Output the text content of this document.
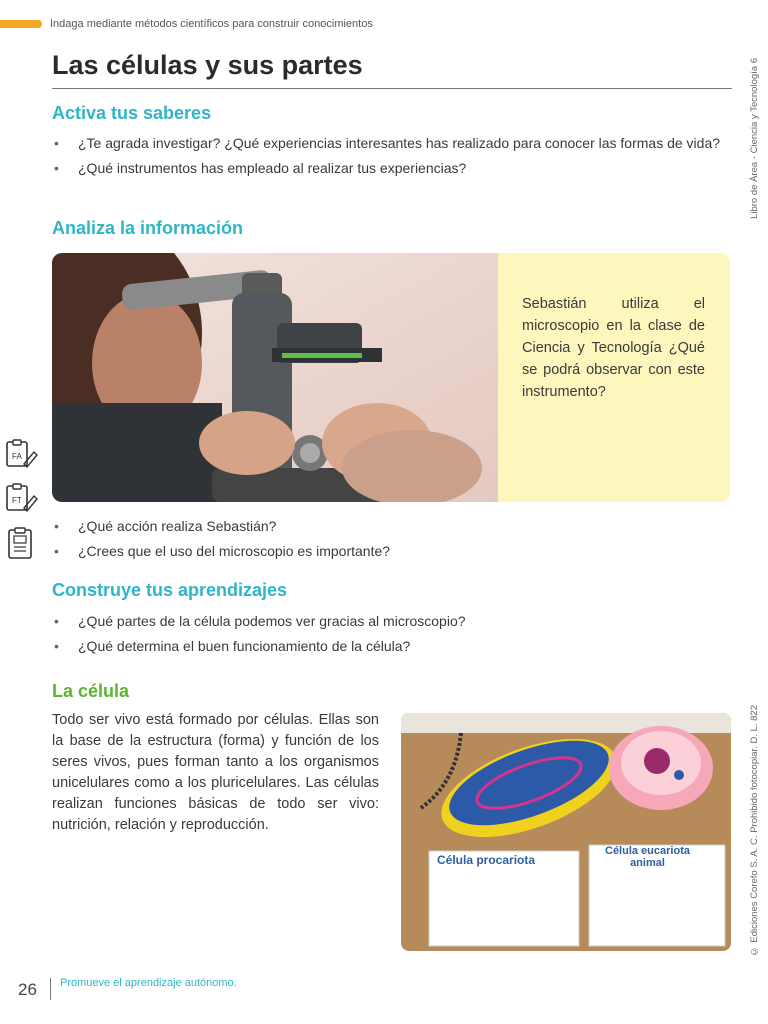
Indaga mediante métodos científicos para construir conocimientos
Las células y sus partes
Activa tus saberes
• ¿Te agrada investigar? ¿Qué experiencias interesantes has realizado para conocer las formas de vida?
• ¿Qué instrumentos has empleado al realizar tus experiencias?
Analiza la información
Sebastián utiliza el microscopio en la clase de Ciencia y Tecnología ¿Qué se podrá observar con este instrumento?
• ¿Qué acción realiza Sebastián?
• ¿Crees que el uso del microscopio es importante?
Construye tus aprendizajes
• ¿Qué partes de la célula podemos ver gracias al microscopio?
• ¿Qué determina el buen funcionamiento de la célula?
La célula
Todo ser vivo está formado por células. Ellas son la base de la estructura (forma) y función de los seres vivos, pues forman tanto a los organismos unicelulares como a los pluricelulares. Las células realizan funciones básicas de todo ser vivo: nutrición, relación y reproducción.
Célula procariota
Célula eucariota
animal
FA
FT
Libro de Área - Ciencia y Tecnología 6
© Ediciones Corefo S. A. C. Prohibido fotocopiar. D. L. 822
26 Promueve el aprendizaje autónomo.
